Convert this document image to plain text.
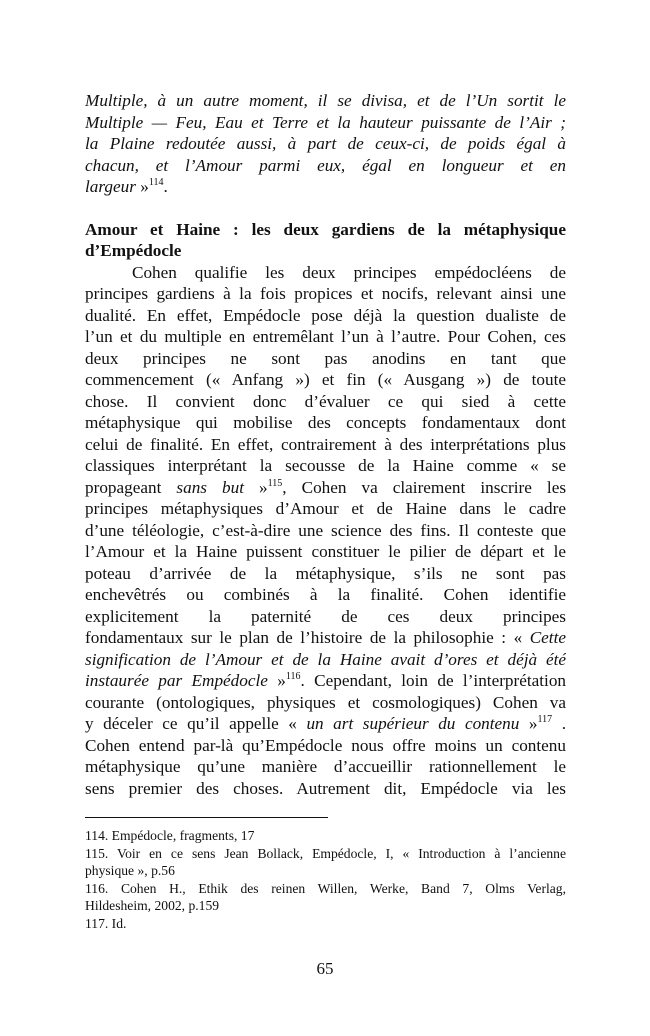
Multiple, à un autre moment, il se divisa, et de l’Un sortit le
Multiple — Feu, Eau et Terre et la hauteur puissante de l’Air ;
la Plaine redoutée aussi, à part de ceux-ci, de poids égal à
chacun, et l’Amour parmi eux, égal en longueur et en
largeur »$^{114}$.
Amour et Haine : les deux gardiens de la métaphysique
d’Empédocle
Cohen qualifie les deux principes empédocléens de
principes gardiens à la fois propices et nocifs, relevant ainsi une
dualité. En effet, Empédocle pose déjà la question dualiste de
l’un et du multiple en entremêlant l’un à l’autre. Pour Cohen, ces
deux principes ne sont pas anodins en tant que
commencement (« Anfang ») et fin (« Ausgang ») de toute
chose. Il convient donc d’évaluer ce qui sied à cette
métaphysique qui mobilise des concepts fondamentaux dont
celui de finalité. En effet, contrairement à des interprétations plus
classiques interprétant la secousse de la Haine comme « se
propageant sans but »$^{115}$, Cohen va clairement inscrire les
principes métaphysiques d’Amour et de Haine dans le cadre
d’une téléologie, c’est-à-dire une science des fins. Il conteste que
l’Amour et la Haine puissent constituer le pilier de départ et le
poteau d’arrivée de la métaphysique, s’ils ne sont pas
enchevêtrés ou combinés à la finalité. Cohen identifie
explicitement la paternité de ces deux principes
fondamentaux sur le plan de l’histoire de la philosophie : « Cette
signification de l’Amour et de la Haine avait d’ores et déjà été
instaurée par Empédocle »$^{116}$. Cependant, loin de l’interprétation
courante (ontologiques, physiques et cosmologiques) Cohen va
y déceler ce qu’il appelle « un art supérieur du contenu »$^{117}$ .
Cohen entend par-là qu’Empédocle nous offre moins un contenu
métaphysique qu’une manière d’accueillir rationnellement le
sens premier des choses. Autrement dit, Empédocle via les
114. Empédocle, fragments, 17
115. Voir en ce sens Jean Bollack, Empédocle, I, « Introduction à l’ancienne
physique », p.56
116. Cohen H., Ethik des reinen Willen, Werke, Band 7, Olms Verlag,
Hildesheim, 2002, p.159
117. Id.
65
